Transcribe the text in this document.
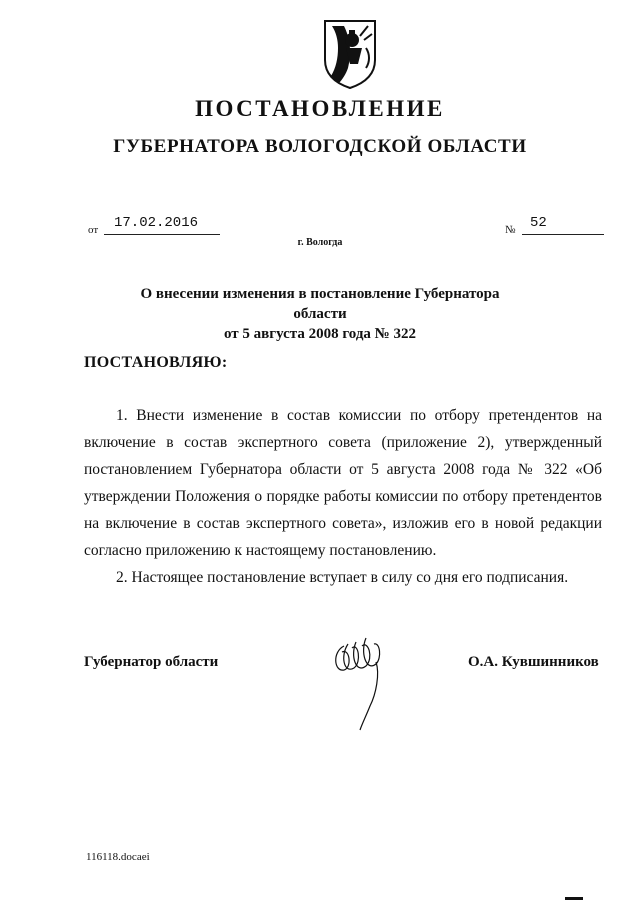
ПОСТАНОВЛЕНИЕ
ГУБЕРНАТОРА ВОЛОГОДСКОЙ ОБЛАСТИ
от 17.02.2016	№ 52
г. Вологда
О внесении изменения в постановление Губернатора области
от 5 августа 2008 года № 322
ПОСТАНОВЛЯЮ:
1. Внести изменение в состав комиссии по отбору претендентов на включение в состав экспертного совета (приложение 2), утвержденный постановлением Губернатора области от 5 августа 2008 года № 322 «Об утверждении Положения о порядке работы комиссии по отбору претендентов на включение в состав экспертного совета», изложив его в новой редакции согласно приложению к настоящему постановлению.
2. Настоящее постановление вступает в силу со дня его подписания.
Губернатор области	О.А. Кувшинников
116118.docaei
